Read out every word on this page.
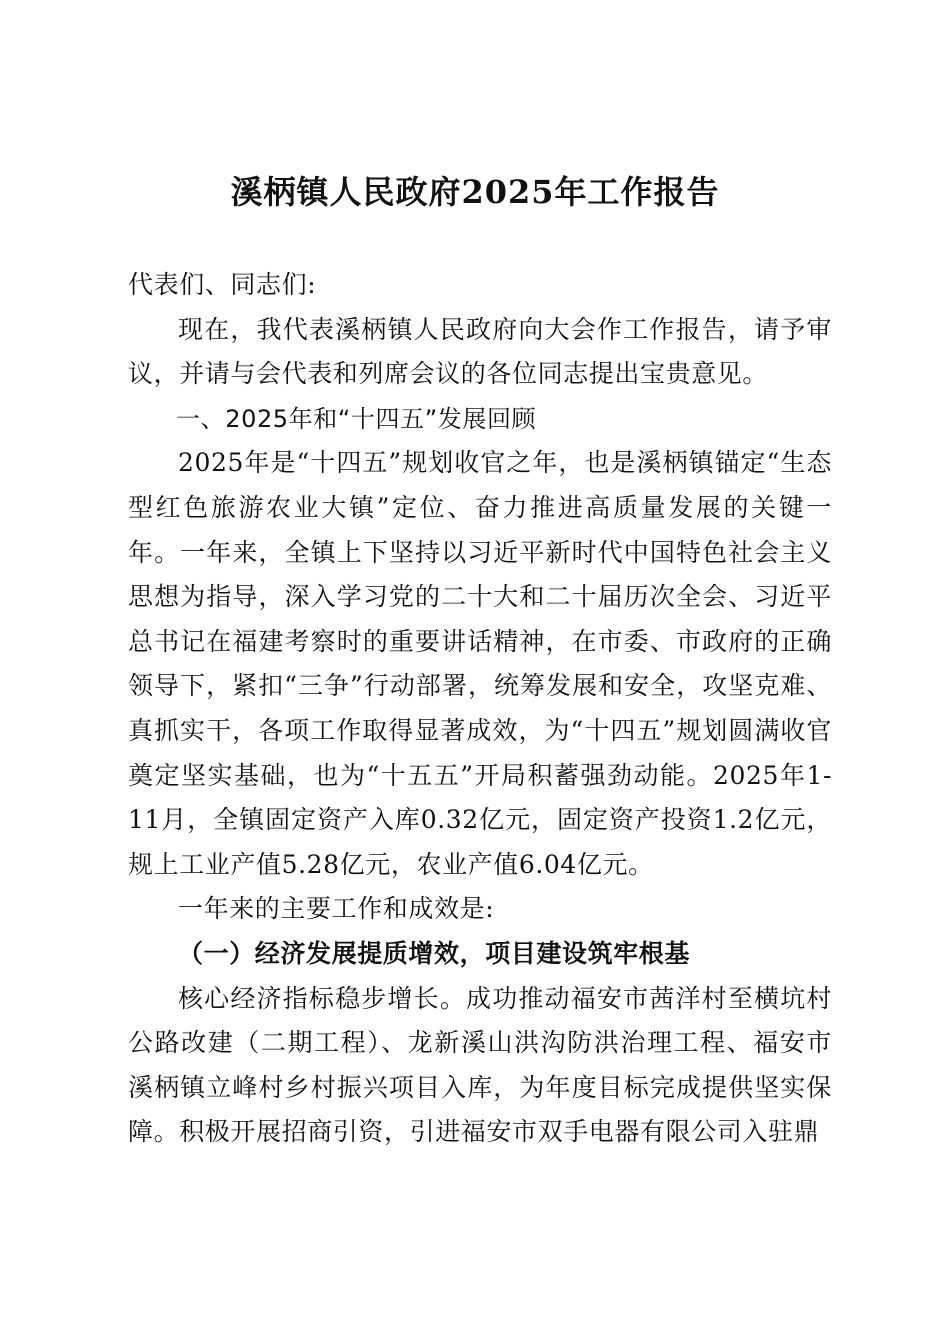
溪柄镇人民政府2025年工作报告

代表们、同志们:

现在，我代表溪柄镇人民政府向大会作工作报告，请予审议，并请与会代表和列席会议的各位同志提出宝贵意见。

一、2025年和“十四五”发展回顾

2025年是“十四五”规划收官之年，也是溪柄镇锚定“生态型红色旅游农业大镇”定位、奋力推进高质量发展的关键一年。一年来，全镇上下坚持以习近平新时代中国特色社会主义思想为指导，深入学习党的二十大和二十届历次全会、习近平总书记在福建考察时的重要讲话精神，在市委、市政府的正确领导下，紧扣“三争”行动部署，统筹发展和安全，攻坚克难、真抓实干，各项工作取得显著成效，为“十四五”规划圆满收官奠定坚实基础，也为“十五五”开局积蓄强劲动能。2025年1-11月，全镇固定资产入库0.32亿元，固定资产投资1.2亿元，规上工业产值5.28亿元，农业产值6.04亿元。

一年来的主要工作和成效是:

（一）经济发展提质增效，项目建设筑牢根基

核心经济指标稳步增长。成功推动福安市茜洋村至横坑村公路改建（二期工程）、龙新溪山洪沟防洪治理工程、福安市溪柄镇立峰村乡村振兴项目入库，为年度目标完成提供坚实保障。积极开展招商引资，引进福安市双手电器有限公司入驻鼎
